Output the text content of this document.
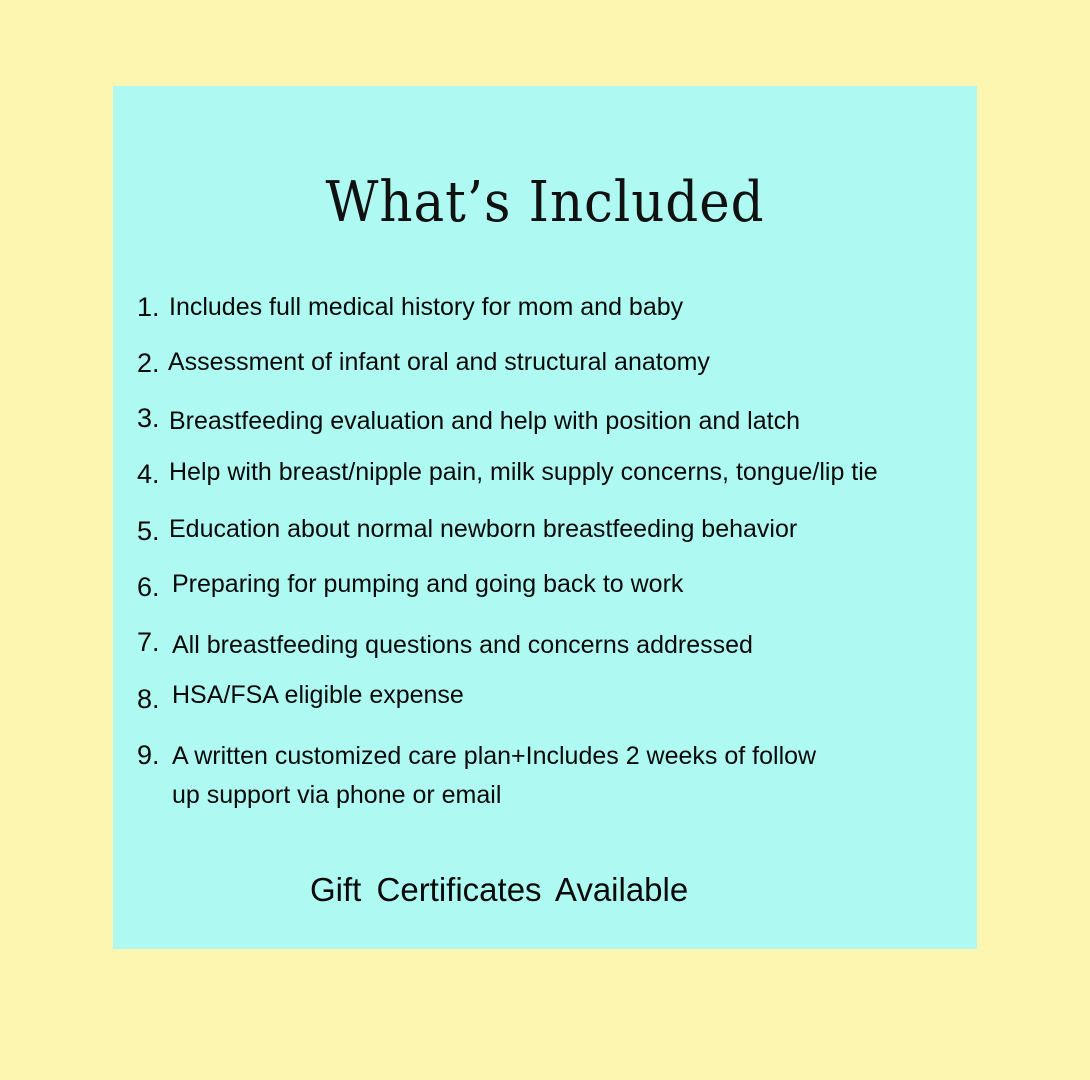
What’s Included
1. Includes full medical history for mom and baby
2. Assessment of infant oral and structural anatomy
3. Breastfeeding evaluation and help with position and latch
4. Help with breast/nipple pain, milk supply concerns, tongue/lip tie
5. Education about normal newborn breastfeeding behavior
6. Preparing for pumping and going back to work
7. All breastfeeding questions and concerns addressed
8. HSA/FSA eligible expense
9. A written customized care plan+Includes 2 weeks of follow
up support via phone or email
Gift Certificates Available
